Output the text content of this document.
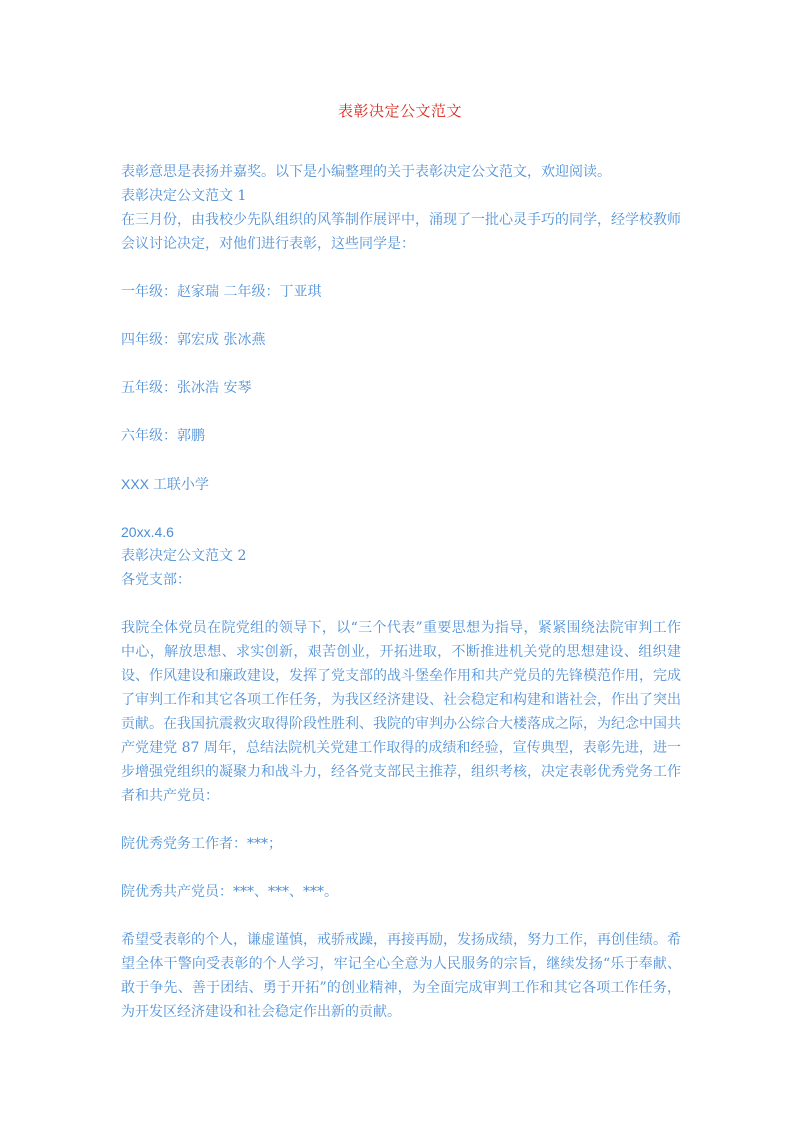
表彰决定公文范文

表彰意思是表扬并嘉奖。以下是小编整理的关于表彰决定公文范文，欢迎阅读。

表彰决定公文范文 1

在三月份，由我校少先队组织的风筝制作展评中，涌现了一批心灵手巧的同学，经学校教师会议讨论决定，对他们进行表彰，这些同学是：

一年级：赵家瑞 二年级：丁亚琪

四年级：郭宏成 张冰燕

五年级：张冰浩 安琴

六年级：郭鹏

XXX 工联小学

20xx.4.6

表彰决定公文范文 2

各党支部：

我院全体党员在院党组的领导下，以“三个代表”重要思想为指导，紧紧围绕法院审判工作中心，解放思想、求实创新，艰苦创业，开拓进取，不断推进机关党的思想建设、组织建设、作风建设和廉政建设，发挥了党支部的战斗堡垒作用和共产党员的先锋模范作用，完成了审判工作和其它各项工作任务，为我区经济建设、社会稳定和构建和谐社会，作出了突出贡献。在我国抗震救灾取得阶段性胜利、我院的审判办公综合大楼落成之际，为纪念中国共产党建党 87 周年，总结法院机关党建工作取得的成绩和经验，宣传典型，表彰先进，进一步增强党组织的凝聚力和战斗力，经各党支部民主推荐，组织考核，决定表彰优秀党务工作者和共产党员：

院优秀党务工作者：***；

院优秀共产党员：***、***、***。

希望受表彰的个人，谦虚谨慎，戒骄戒躁，再接再励，发扬成绩，努力工作，再创佳绩。希望全体干警向受表彰的个人学习，牢记全心全意为人民服务的宗旨，继续发扬“乐于奉献、敢于争先、善于团结、勇于开拓”的创业精神，为全面完成审判工作和其它各项工作任务，为开发区经济建设和社会稳定作出新的贡献。
